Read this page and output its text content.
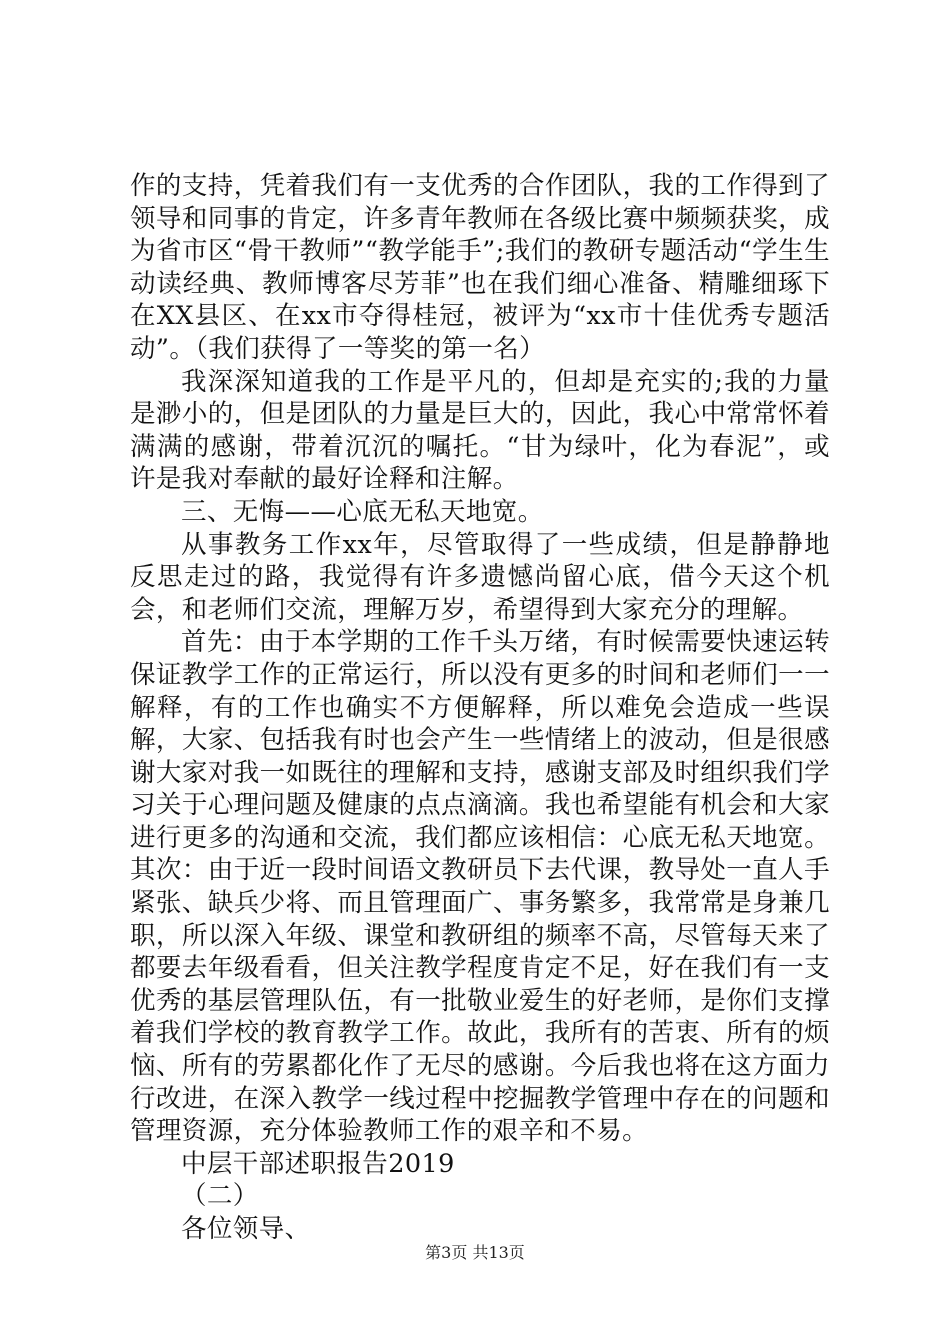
作的支持，凭着我们有一支优秀的合作团队，我的工作得到了领导和同事的肯定，许多青年教师在各级比赛中频频获奖，成为省市区“骨干教师”“教学能手”;我们的教研专题活动“学生生动读经典、教师博客尽芳菲”也在我们细心准备、精雕细琢下在XX县区、在xx市夺得桂冠，被评为“xx市十佳优秀专题活动”。（我们获得了一等奖的第一名）

我深深知道我的工作是平凡的，但却是充实的;我的力量是渺小的，但是团队的力量是巨大的，因此，我心中常常怀着满满的感谢，带着沉沉的嘱托。“甘为绿叶，化为春泥”，或许是我对奉献的最好诠释和注解。

三、无悔——心底无私天地宽。

从事教务工作xx年，尽管取得了一些成绩，但是静静地反思走过的路，我觉得有许多遗憾尚留心底，借今天这个机会，和老师们交流，理解万岁，希望得到大家充分的理解。

首先：由于本学期的工作千头万绪，有时候需要快速运转保证教学工作的正常运行，所以没有更多的时间和老师们一一解释，有的工作也确实不方便解释，所以难免会造成一些误解，大家、包括我有时也会产生一些情绪上的波动，但是很感谢大家对我一如既往的理解和支持，感谢支部及时组织我们学习关于心理问题及健康的点点滴滴。我也希望能有机会和大家进行更多的沟通和交流，我们都应该相信：心底无私天地宽。其次：由于近一段时间语文教研员下去代课，教导处一直人手紧张、缺兵少将、而且管理面广、事务繁多，我常常是身兼几职，所以深入年级、课堂和教研组的频率不高，尽管每天来了都要去年级看看，但关注教学程度肯定不足，好在我们有一支优秀的基层管理队伍，有一批敬业爱生的好老师，是你们支撑着我们学校的教育教学工作。故此，我所有的苦衷、所有的烦恼、所有的劳累都化作了无尽的感谢。今后我也将在这方面力行改进，在深入教学一线过程中挖掘教学管理中存在的问题和管理资源，充分体验教师工作的艰辛和不易。

中层干部述职报告2019

（二）

各位领导、

第3页 共13页
